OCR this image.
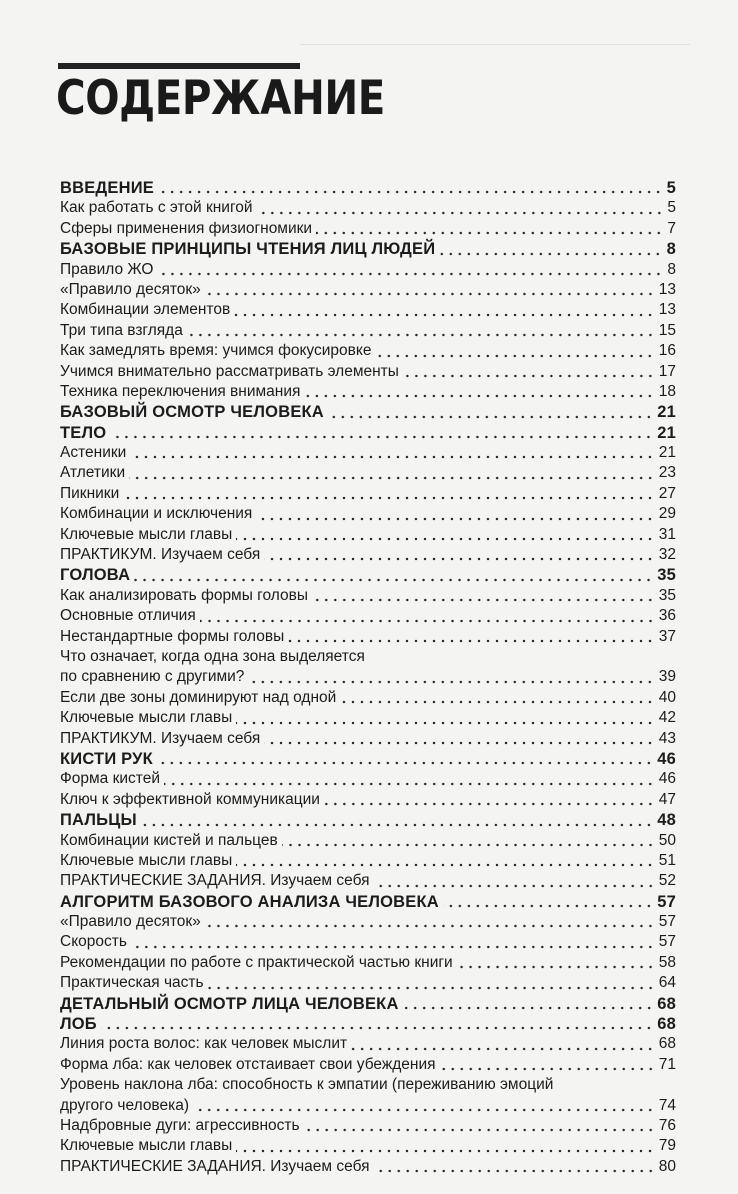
СОДЕРЖАНИЕ
ВВЕДЕНИЕ	5
Как работать с этой книгой	5
Сферы применения физиогномики	7
БАЗОВЫЕ ПРИНЦИПЫ ЧТЕНИЯ ЛИЦ ЛЮДЕЙ	8
Правило ЖО	8
«Правило десяток»	13
Комбинации элементов	13
Три типа взгляда	15
Как замедлять время: учимся фокусировке	16
Учимся внимательно рассматривать элементы	17
Техника переключения внимания	18
БАЗОВЫЙ ОСМОТР ЧЕЛОВЕКА	21
ТЕЛО	21
Астеники	21
Атлетики	23
Пикники	27
Комбинации и исключения	29
Ключевые мысли главы	31
ПРАКТИКУМ. Изучаем себя	32
ГОЛОВА	35
Как анализировать формы головы	35
Основные отличия	36
Нестандартные формы головы	37
Что означает, когда одна зона выделяется
по сравнению с другими?	39
Если две зоны доминируют над одной	40
Ключевые мысли главы	42
ПРАКТИКУМ. Изучаем себя	43
КИСТИ РУК	46
Форма кистей	46
Ключ к эффективной коммуникации	47
ПАЛЬЦЫ	48
Комбинации кистей и пальцев	50
Ключевые мысли главы	51
ПРАКТИЧЕСКИЕ ЗАДАНИЯ. Изучаем себя	52
АЛГОРИТМ БАЗОВОГО АНАЛИЗА ЧЕЛОВЕКА	57
«Правило десяток»	57
Скорость	57
Рекомендации по работе с практической частью книги	58
Практическая часть	64
ДЕТАЛЬНЫЙ ОСМОТР ЛИЦА ЧЕЛОВЕКА	68
ЛОБ	68
Линия роста волос: как человек мыслит	68
Форма лба: как человек отстаивает свои убеждения	71
Уровень наклона лба: способность к эмпатии (переживанию эмоций
другого человека)	74
Надбровные дуги: агрессивность	76
Ключевые мысли главы	79
ПРАКТИЧЕСКИЕ ЗАДАНИЯ. Изучаем себя	80
